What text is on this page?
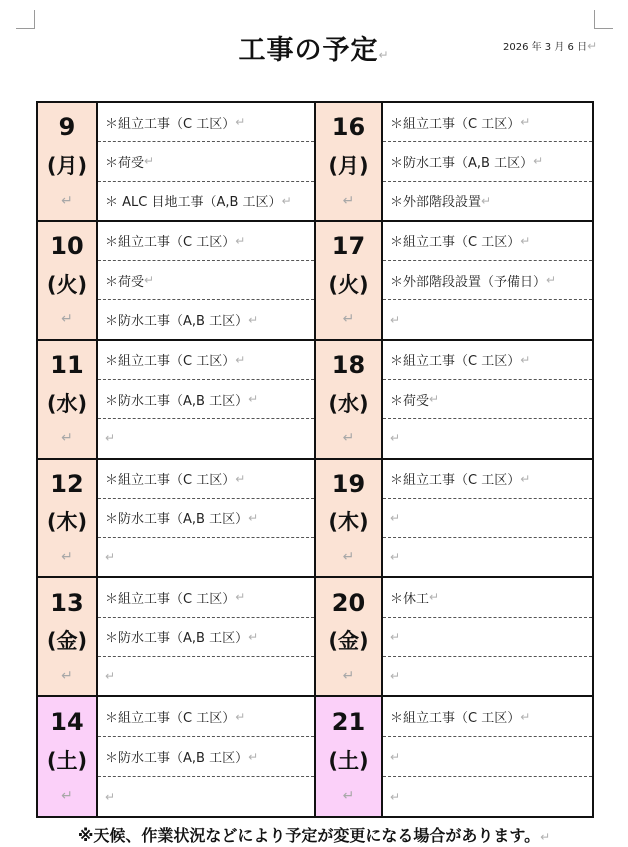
工事の予定↵
2026 年 3 月 6 日↵
9
(月)
↵
＊組立工事（C 工区） ↵
＊荷受 ↵
＊ ALC 目地工事（A,B 工区） ↵
16
(月)
↵
＊組立工事（C 工区） ↵
＊防水工事（A,B 工区） ↵
＊外部階段設置 ↵
10
(火)
↵
＊組立工事（C 工区） ↵
＊荷受 ↵
＊防水工事（A,B 工区） ↵
17
(火)
↵
＊組立工事（C 工区） ↵
＊外部階段設置（予備日） ↵
↵
11
(水)
↵
＊組立工事（C 工区） ↵
＊防水工事（A,B 工区） ↵
↵
18
(水)
↵
＊組立工事（C 工区） ↵
＊荷受 ↵
↵
12
(木)
↵
＊組立工事（C 工区） ↵
＊防水工事（A,B 工区） ↵
↵
19
(木)
↵
＊組立工事（C 工区） ↵
↵
↵
13
(金)
↵
＊組立工事（C 工区） ↵
＊防水工事（A,B 工区） ↵
↵
20
(金)
↵
＊休工 ↵
↵
↵
14
(土)
↵
＊組立工事（C 工区） ↵
＊防水工事（A,B 工区） ↵
↵
21
(土)
↵
＊組立工事（C 工区） ↵
↵
↵
※天候、作業状況などにより予定が変更になる場合があります。↵
